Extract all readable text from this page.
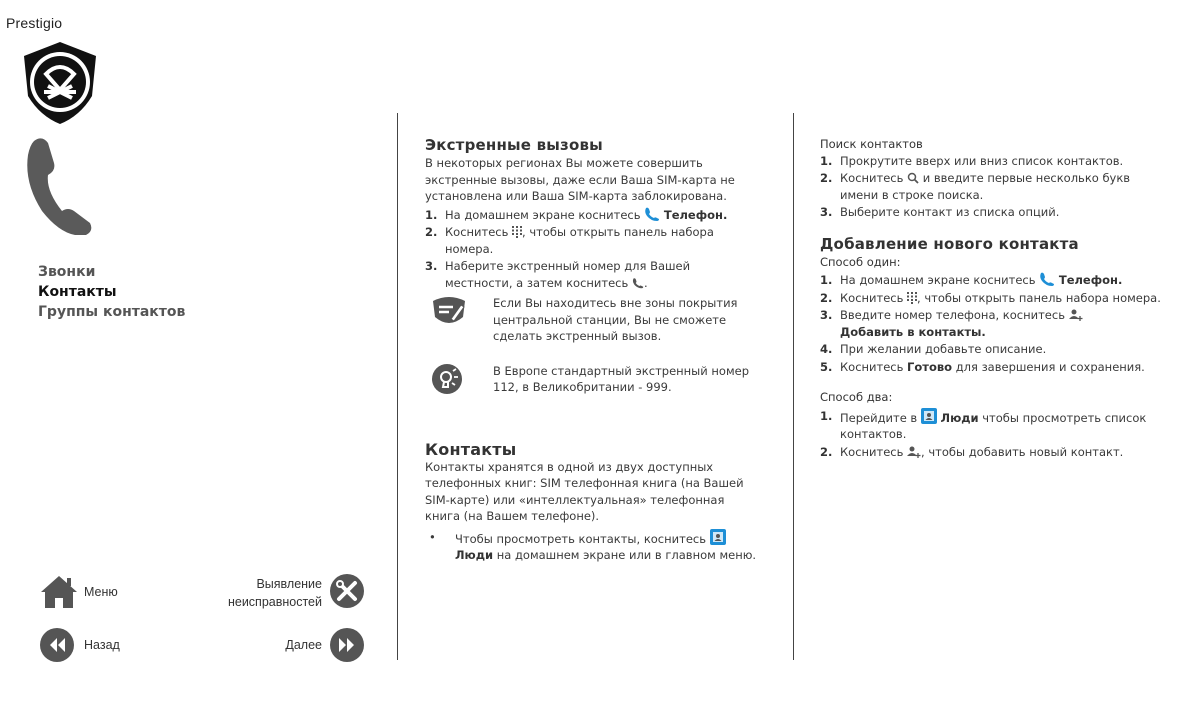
Prestigio
Звонки
Контакты
Группы контактов
Меню
Выявление
неисправностей
Назад	Далее
Экстренные вызовы

В некоторых регионах Вы можете совершить экстренные вызовы, даже если Ваша SIM-карта не установлена или Ваша SIM-карта заблокирована.

1. На домашнем экране коснитесь Телефон.
2. Коснитесь , чтобы открыть панель набора номера.
3. Наберите экстренный номер для Вашей местности, а затем коснитесь .

Если Вы находитесь вне зоны покрытия центральной станции, Вы не сможете сделать экстренный вызов.

В Европе стандартный экстренный номер 112, в Великобритании - 999.

Контакты

Контакты хранятся в одной из двух доступных телефонных книг: SIM телефонная книга (на Вашей SIM-карте) или «интеллектуальная» телефонная книга (на Вашем телефоне).

• Чтобы просмотреть контакты, коснитесь  Люди на домашнем экране или в главном меню.
Поиск контактов
1. Прокрутите вверх или вниз список контактов.
2. Коснитесь и введите первые несколько букв имени в строке поиска.
3. Выберите контакт из списка опций.
Добавление нового контакта
Способ один:
1. На домашнем экране коснитесь Телефон.
2. Коснитесь , чтобы открыть панель набора номера.
3. Введите номер телефона, коснитесь
Добавить в контакты.
4. При желании добавьте описание.
5. Коснитесь Готово для завершения и сохранения.
Способ два:
1. Перейдите в Люди чтобы просмотреть список контактов.
2. Коснитесь , чтобы добавить новый контакт.
